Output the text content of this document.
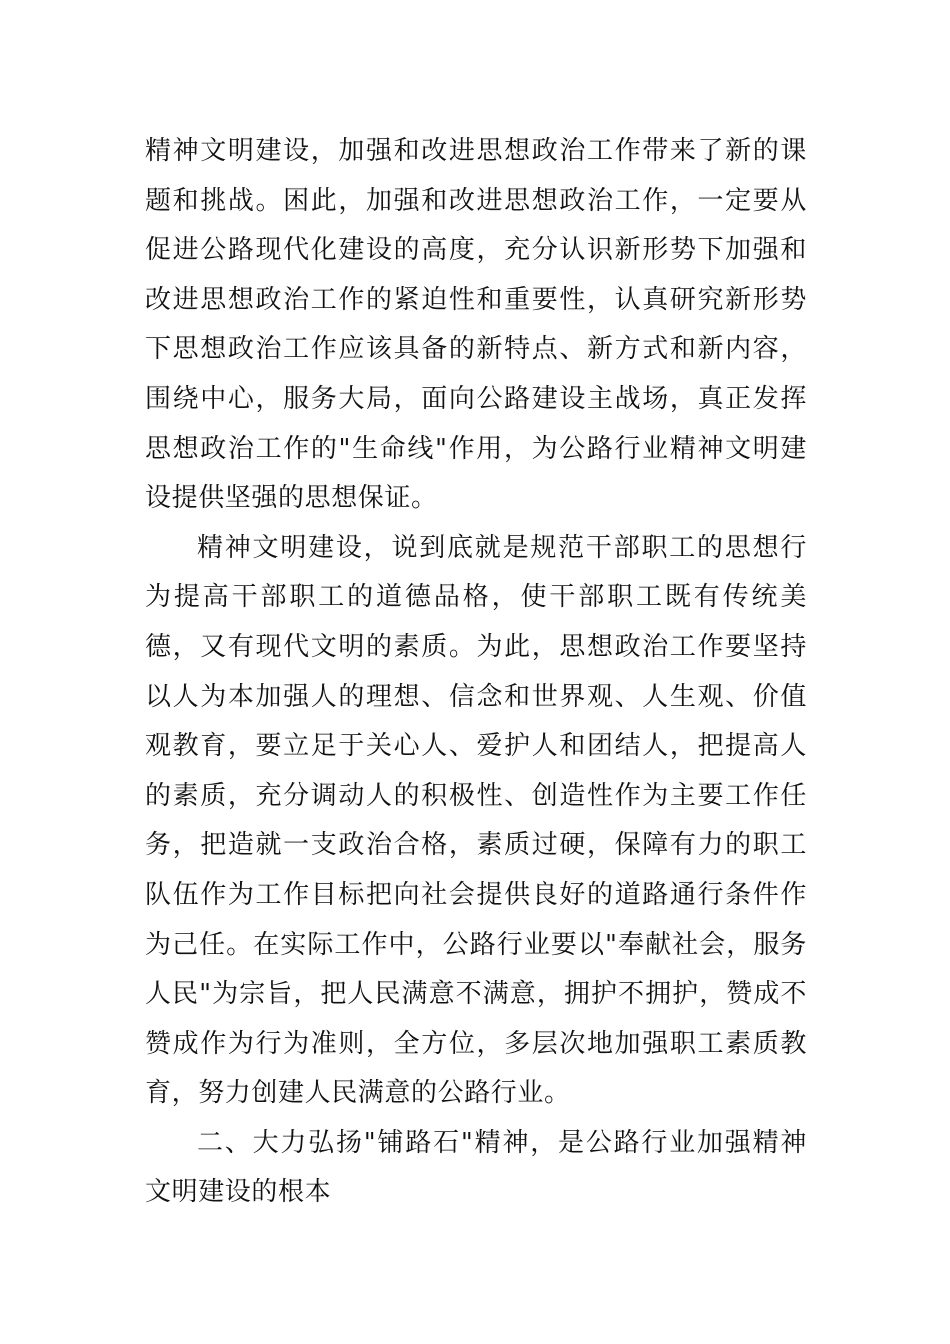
精神文明建设，加强和改进思想政治工作带来了新的课题和挑战。困此，加强和改进思想政治工作，一定要从促进公路现代化建设的高度，充分认识新形势下加强和改进思想政治工作的紧迫性和重要性，认真研究新形势下思想政治工作应该具备的新特点、新方式和新内容，围绕中心，服务大局，面向公路建设主战场，真正发挥思想政治工作的"生命线"作用，为公路行业精神文明建设提供坚强的思想保证。

精神文明建设，说到底就是规范干部职工的思想行为提高干部职工的道德品格，使干部职工既有传统美德，又有现代文明的素质。为此，思想政治工作要坚持以人为本加强人的理想、信念和世界观、人生观、价值观教育，要立足于关心人、爱护人和团结人，把提高人的素质，充分调动人的积极性、创造性作为主要工作任务，把造就一支政治合格，素质过硬，保障有力的职工队伍作为工作目标把向社会提供良好的道路通行条件作为己任。在实际工作中，公路行业要以"奉献社会，服务人民"为宗旨，把人民满意不满意，拥护不拥护，赞成不赞成作为行为准则，全方位，多层次地加强职工素质教育，努力创建人民满意的公路行业。

二、大力弘扬"铺路石"精神，是公路行业加强精神文明建设的根本
